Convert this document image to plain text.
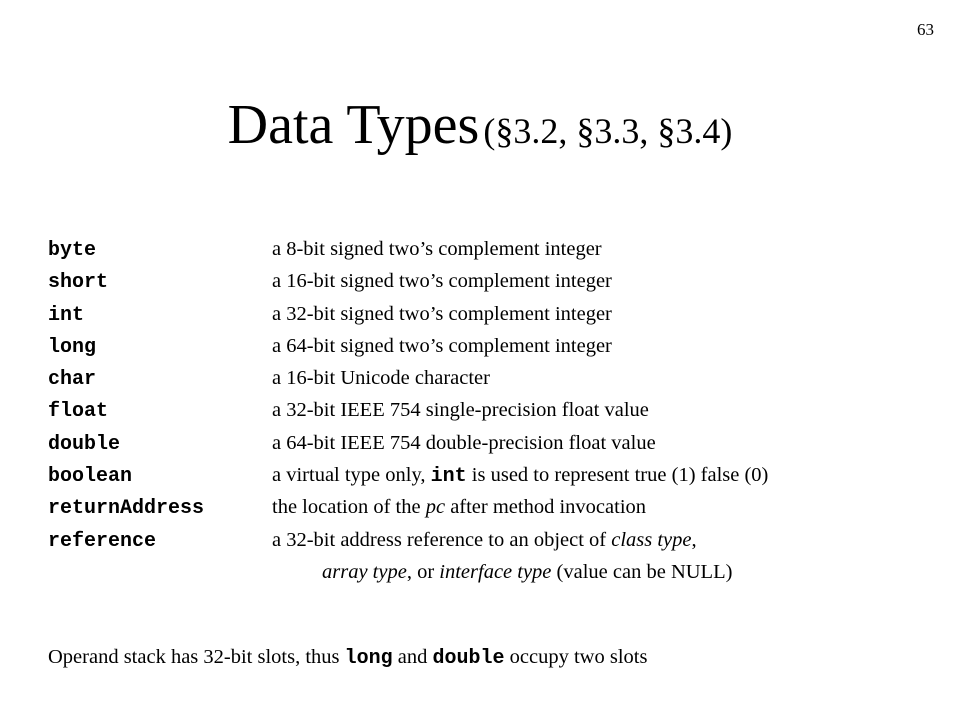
63
Data Types (§3.2, §3.3, §3.4)
byte	a 8-bit signed two’s complement integer
short	a 16-bit signed two’s complement integer
int	a 32-bit signed two’s complement integer
long	a 64-bit signed two’s complement integer
char	a 16-bit Unicode character
float	a 32-bit IEEE 754 single-precision float value
double	a 64-bit IEEE 754 double-precision float value
boolean	a virtual type only, int is used to represent true (1) false (0)
returnAddress	the location of the pc after method invocation
reference	a 32-bit address reference to an object of class type,
array type, or interface type (value can be NULL)
Operand stack has 32-bit slots, thus long and double occupy two slots
